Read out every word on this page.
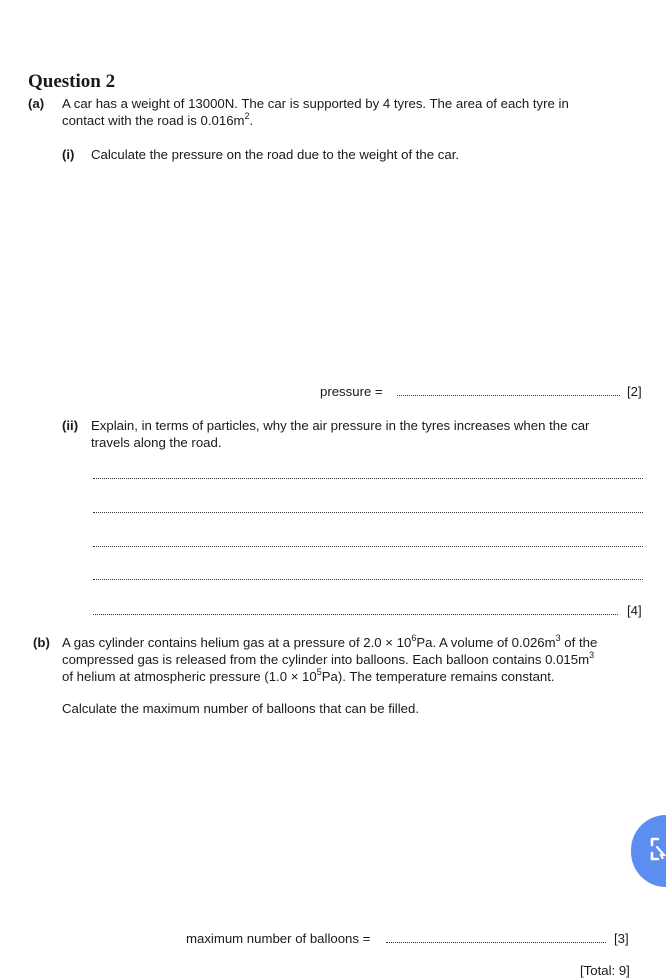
Question 2
(a) A car has a weight of 13000N. The car is supported by 4 tyres. The area of each tyre in
contact with the road is $0.016m^2$.
(i) Calculate the pressure on the road due to the weight of the car.
pressure =	[2]
(ii) Explain, in terms of particles, why the air pressure in the tyres increases when the car
travels along the road.
[4]
(b) A gas cylinder contains helium gas at a pressure of $2.0 \times 10^6Pa$. A volume of $0.026m^3$ of the
compressed gas is released from the cylinder into balloons. Each balloon contains $0.015m^3$
of helium at atmospheric pressure $(1.0 \times 10^5Pa)$. The temperature remains constant.
Calculate the maximum number of balloons that can be filled.
maximum number of balloons =	[3]
[Total: 9]
